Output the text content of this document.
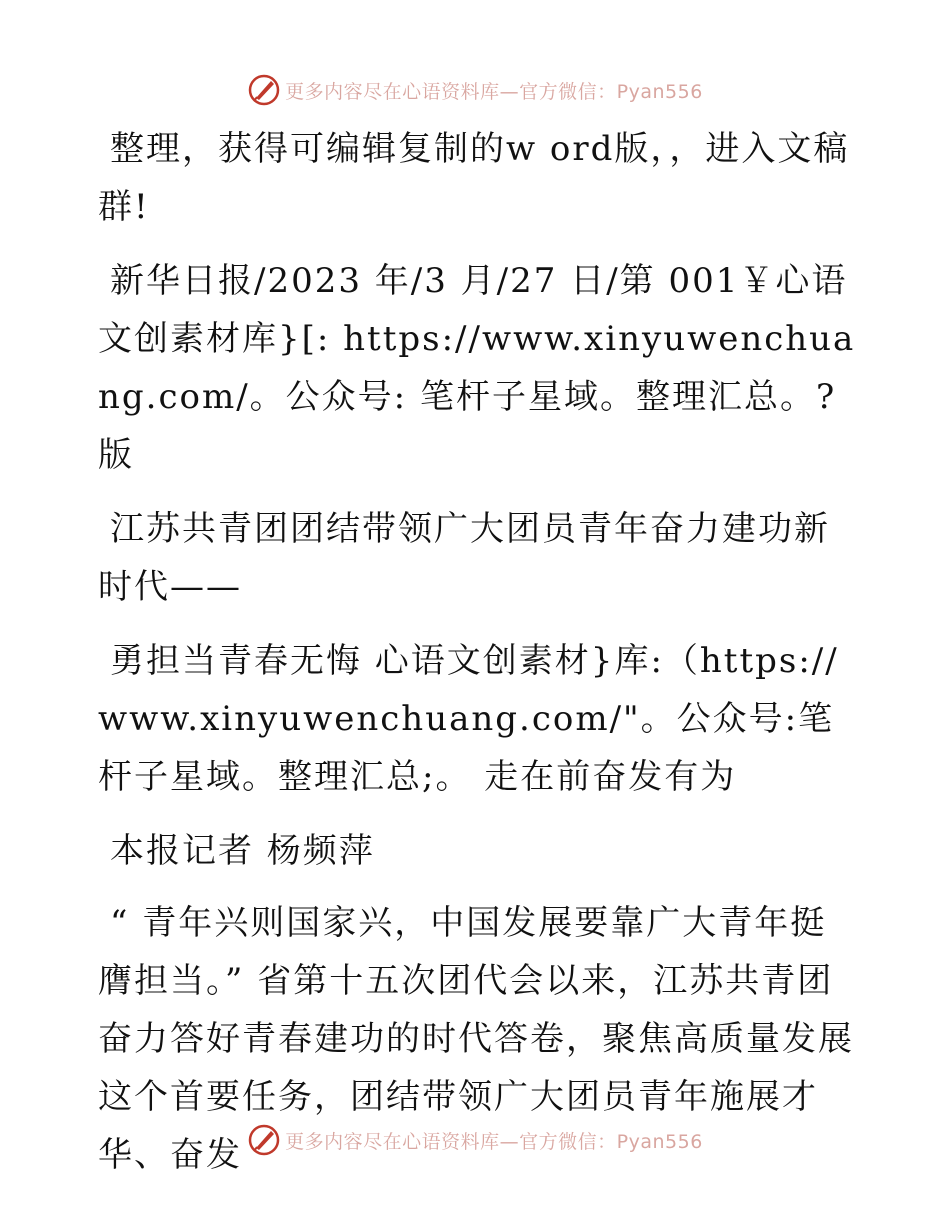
更多内容尽在心语资料库—官方微信：Pyan556

整理，获得可编辑复制的w ord版，，进入文稿群!

新华日报/2023 年/3 月/27 日/第 001￥心语文创素材库}[: https://www.xinyuwenchuang.com/。公众号: 笔杆子星域。整理汇总。? 版

江苏共青团团结带领广大团员青年奋力建功新时代——

勇担当青春无悔 心语文创素材}库:（https://www.xinyuwenchuang.com/"。公众号:笔杆子星域。整理汇总;。 走在前奋发有为

本报记者 杨频萍

“ 青年兴则国家兴，中国发展要靠广大青年挺膺担当。” 省第十五次团代会以来，江苏共青团奋力答好青春建功的时代答卷，聚焦高质量发展这个首要任务，团结带领广大团员青年施展才华、奋发	更多内容尽在心语资料库—官方微信：Pyan556
